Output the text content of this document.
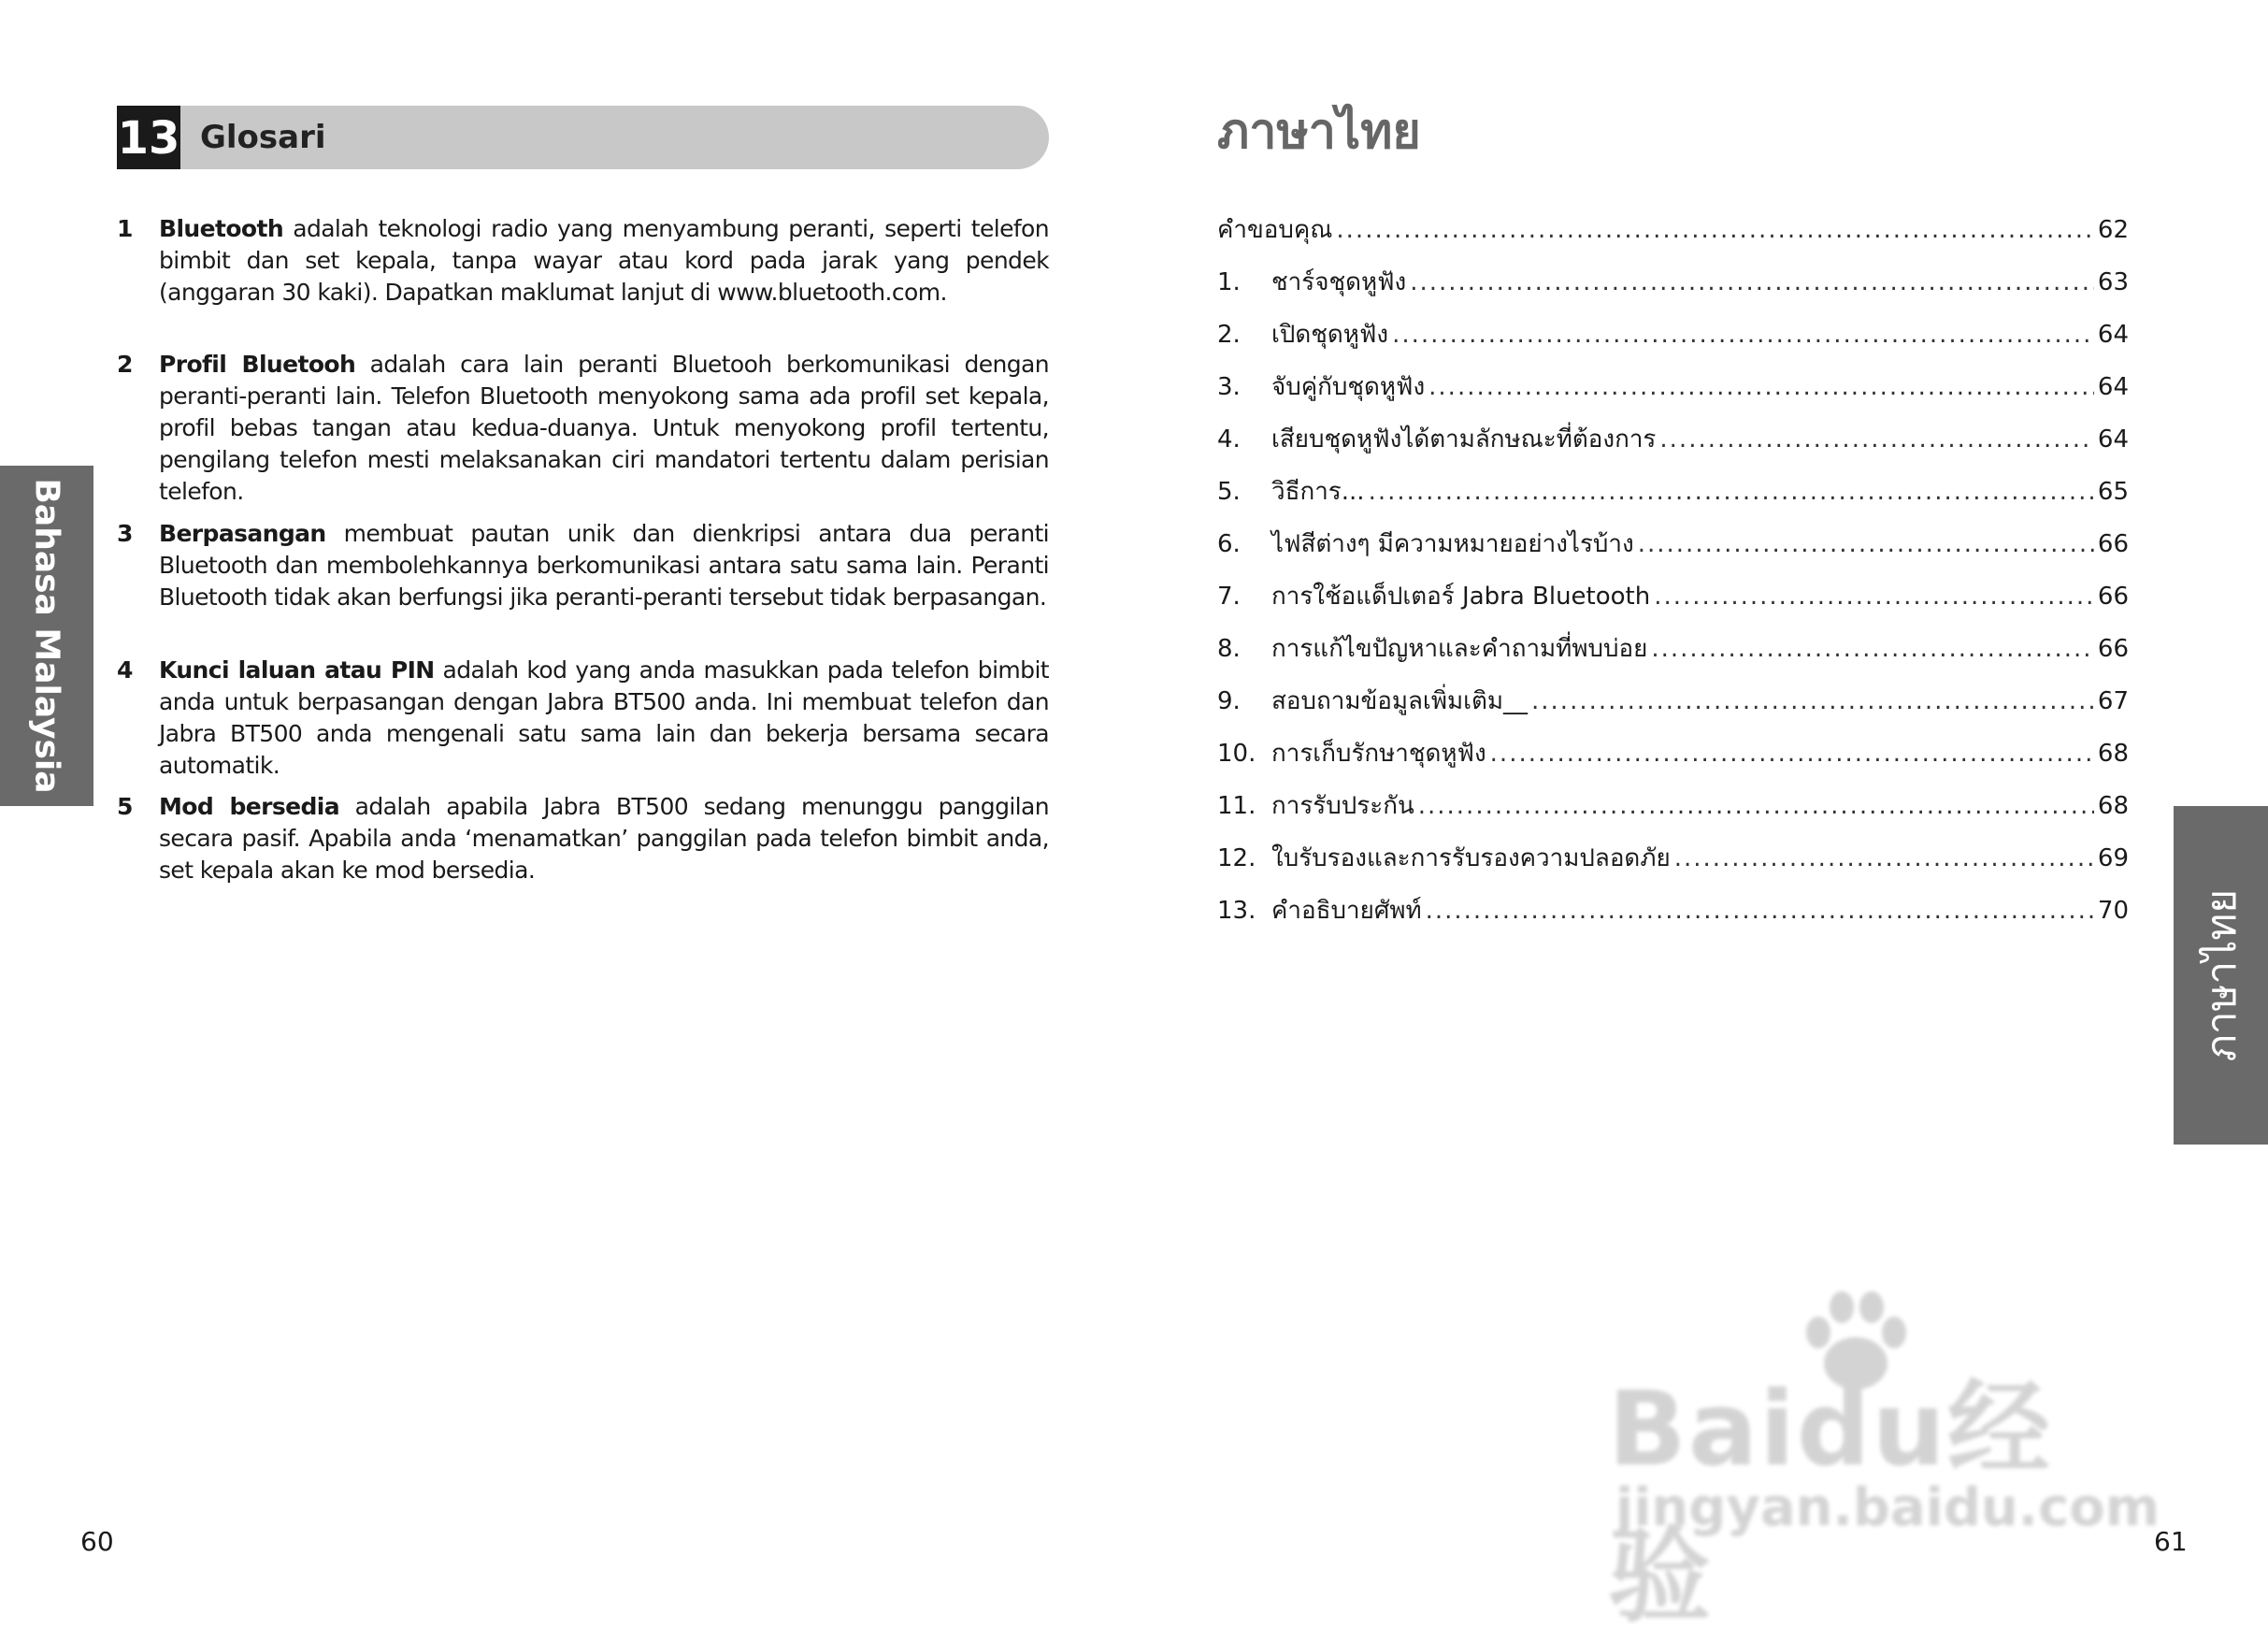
13 Glosari
1 Bluetooth adalah teknologi radio yang menyambung peranti, seperti telefon bimbit dan set kepala, tanpa wayar atau kord pada jarak yang pendek (anggaran 30 kaki). Dapatkan maklumat lanjut di www.bluetooth.com.
2 Profil Bluetooh adalah cara lain peranti Bluetooh berkomunikasi dengan peranti-peranti lain. Telefon Bluetooth menyokong sama ada profil set kepala, profil bebas tangan atau kedua-duanya. Untuk menyokong profil tertentu, pengilang telefon mesti melaksanakan ciri mandatori tertentu dalam perisian telefon.
3 Berpasangan membuat pautan unik dan dienkripsi antara dua peranti Bluetooth dan membolehkannya berkomunikasi antara satu sama lain. Peranti Bluetooth tidak akan berfungsi jika peranti-peranti tersebut tidak berpasangan.
4 Kunci laluan atau PIN adalah kod yang anda masukkan pada telefon bimbit anda untuk berpasangan dengan Jabra BT500 anda. Ini membuat telefon dan Jabra BT500 anda mengenali satu sama lain dan bekerja bersama secara automatik.
5 Mod bersedia adalah apabila Jabra BT500 sedang menunggu panggilan secara pasif. Apabila anda ‘menamatkan’ panggilan pada telefon bimbit anda, set kepala akan ke mod bersedia.
Bahasa Malaysia
60
ภาษาไทย
คำขอบคุณ .....	62
1.	ชาร์จชุดหูฟัง .....	63
2.	เปิดชุดหูฟัง .....	64
3.	จับคู่กับชุดหูฟัง .....	64
4.	เสียบชุดหูฟังได้ตามลักษณะที่ต้องการ .....	64
5.	วิธีการ... .....	65
6.	ไฟสีต่างๆ มีความหมายอย่างไรบ้าง .....	66
7.	การใช้อแด็ปเตอร์ Jabra Bluetooth .....	66
8.	การแก้ไขปัญหาและคำถามที่พบบ่อย .....	66
9.	สอบถามข้อมูลเพิ่มเติม__ .....	67
10. การเก็บรักษาชุดหูฟัง .....	68
11. การรับประกัน .....	68
12. ใบรับรองและการรับรองความปลอดภัย .....	69
13. คำอธิบายศัพท์ .....	70 ภาษาไทย
61
Baidu经验
jingyan.baidu.com
